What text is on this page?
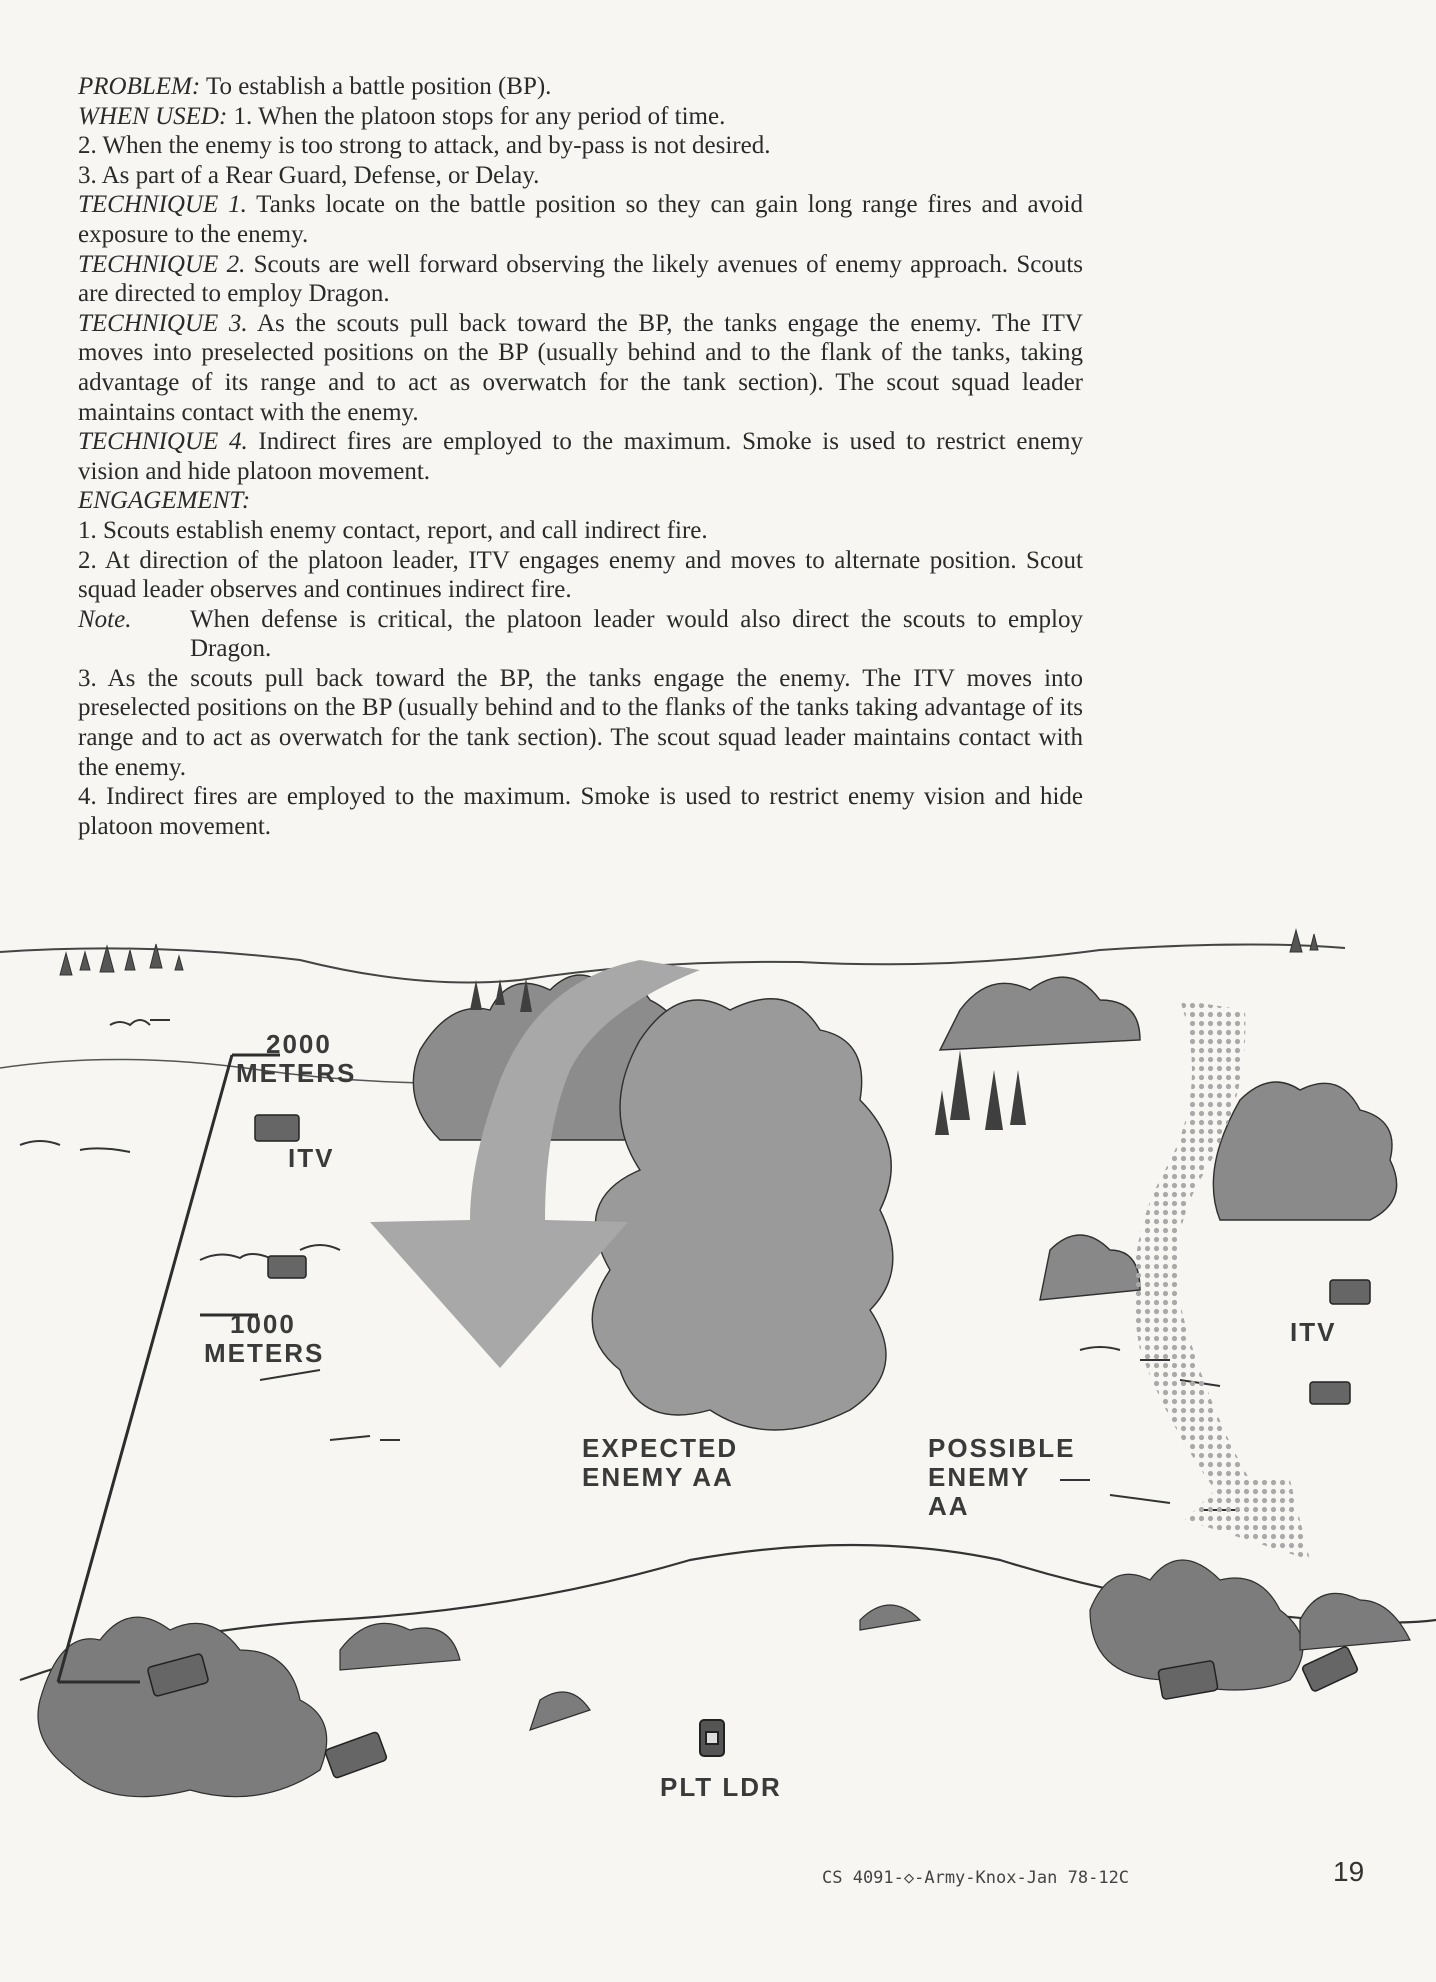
PROBLEM: To establish a battle position (BP).

WHEN USED: 1. When the platoon stops for any period of time.

2. When the enemy is too strong to attack, and by-pass is not desired.

3. As part of a Rear Guard, Defense, or Delay.

TECHNIQUE 1. Tanks locate on the battle position so they can gain long range fires and avoid exposure to the enemy.

TECHNIQUE 2. Scouts are well forward observing the likely avenues of enemy approach. Scouts are directed to employ Dragon.

TECHNIQUE 3. As the scouts pull back toward the BP, the tanks engage the enemy. The ITV moves into preselected positions on the BP (usually behind and to the flank of the tanks, taking advantage of its range and to act as overwatch for the tank section). The scout squad leader maintains contact with the enemy.

TECHNIQUE 4. Indirect fires are employed to the maximum. Smoke is used to restrict enemy vision and hide platoon movement.

ENGAGEMENT:

1. Scouts establish enemy contact, report, and call indirect fire.

2. At direction of the platoon leader, ITV engages enemy and moves to alternate position. Scout squad leader observes and continues indirect fire.

Note. When defense is critical, the platoon leader would also direct the scouts to employ Dragon.

3. As the scouts pull back toward the BP, the tanks engage the enemy. The ITV moves into preselected positions on the BP (usually behind and to the flanks of the tanks taking advantage of its range and to act as overwatch for the tank section). The scout squad leader maintains contact with the enemy.

4. Indirect fires are employed to the maximum. Smoke is used to restrict enemy vision and hide platoon movement.

2000
METERS
ITV
1000
METERS
ITV
EXPECTED
ENEMY AA
POSSIBLE
ENEMY
AA
PLT LDR
CS 4091-◇-Army-Knox-Jan 78-12C	19
